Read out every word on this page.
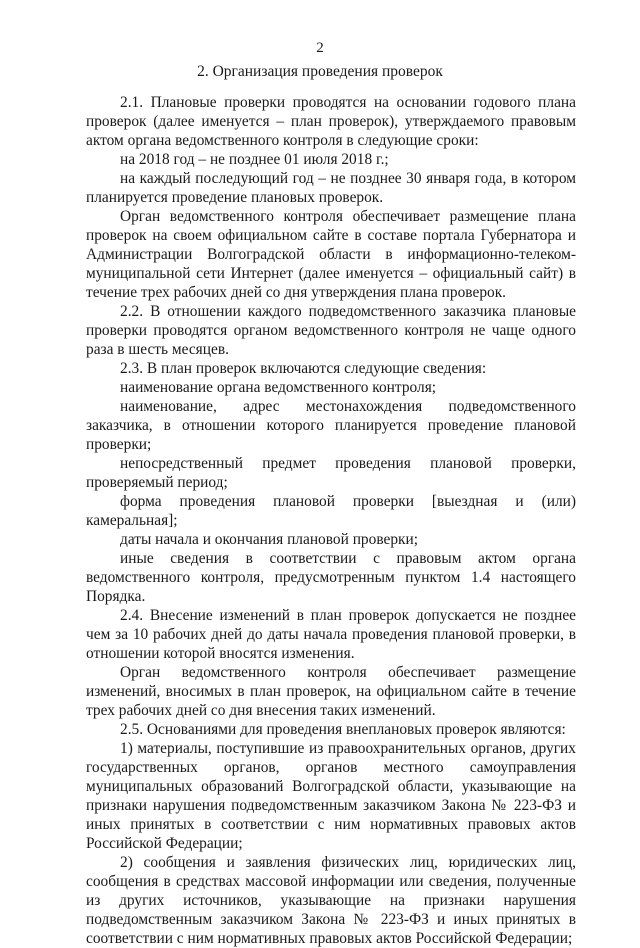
2
2. Организация проведения проверок

2.1. Плановые проверки проводятся на основании годового плана проверок (далее именуется – план проверок), утверждаемого правовым актом органа ведомственного контроля в следующие сроки:

на 2018 год – не позднее 01 июля 2018 г.;

на каждый последующий год – не позднее 30 января года, в котором планируется проведение плановых проверок.

Орган ведомственного контроля обеспечивает размещение плана проверок на своем официальном сайте в составе портала Губернатора и Администрации Волгоградской области в информационно-телеком-муниципальной сети Интернет (далее именуется – официальный сайт) в течение трех рабочих дней со дня утверждения плана проверок.

2.2. В отношении каждого подведомственного заказчика плановые проверки проводятся органом ведомственного контроля не чаще одного раза в шесть месяцев.

2.3. В план проверок включаются следующие сведения:

наименование органа ведомственного контроля;

наименование, адрес местонахождения подведомственного заказчика, в отношении которого планируется проведение плановой проверки;

непосредственный предмет проведения плановой проверки, проверяемый период;

форма проведения плановой проверки [выездная и (или) камеральная];

даты начала и окончания плановой проверки;

иные сведения в соответствии с правовым актом органа ведомственного контроля, предусмотренным пунктом 1.4 настоящего Порядка.

2.4. Внесение изменений в план проверок допускается не позднее чем за 10 рабочих дней до даты начала проведения плановой проверки, в отношении которой вносятся изменения.

Орган ведомственного контроля обеспечивает размещение изменений, вносимых в план проверок, на официальном сайте в течение трех рабочих дней со дня внесения таких изменений.

2.5. Основаниями для проведения внеплановых проверок являются:

1) материалы, поступившие из правоохранительных органов, других государственных органов, органов местного самоуправления муниципальных образований Волгоградской области, указывающие на признаки нарушения подведомственным заказчиком Закона № 223-ФЗ и иных принятых в соответствии с ним нормативных правовых актов Российской Федерации;

2) сообщения и заявления физических лиц, юридических лиц, сообщения в средствах массовой информации или сведения, полученные из других источников, указывающие на признаки нарушения подведомственным заказчиком Закона № 223-ФЗ и иных принятых в соответствии с ним нормативных правовых актов Российской Федерации;
